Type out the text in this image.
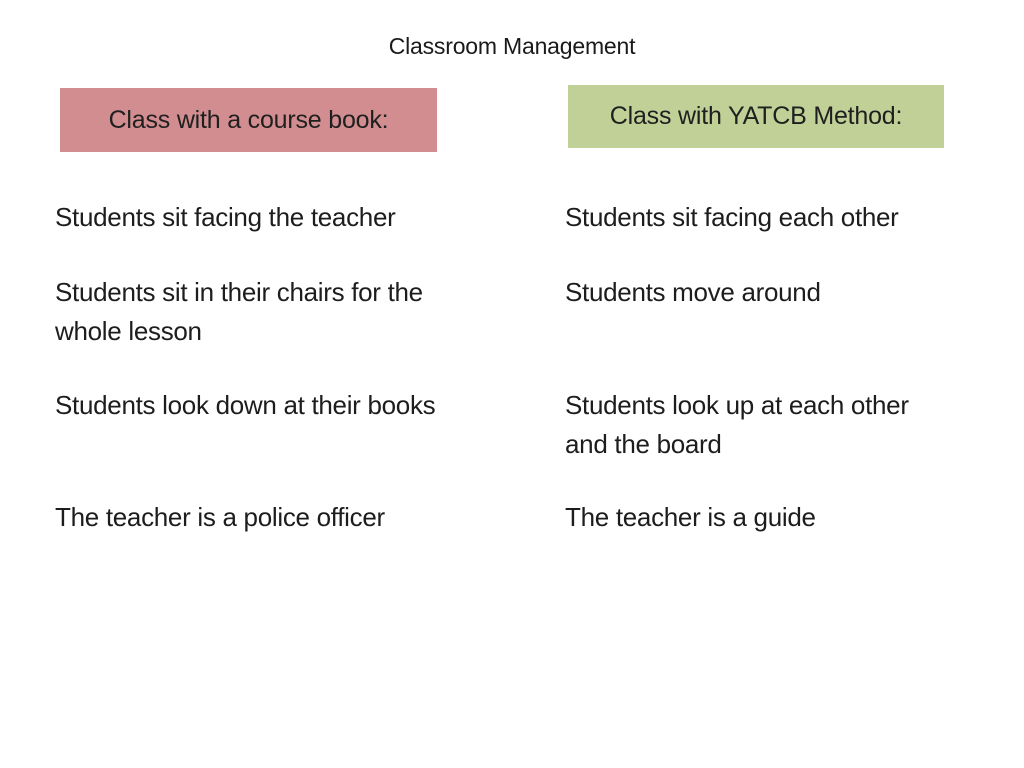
Classroom Management
Class with a course book:	Class with YATCB Method:
Students sit facing the teacher
Students sit in their chairs for the
whole lesson
Students look down at their books
The teacher is a police officer
Students sit facing each other
Students move around
Students look up at each other
and the board
The teacher is a guide
